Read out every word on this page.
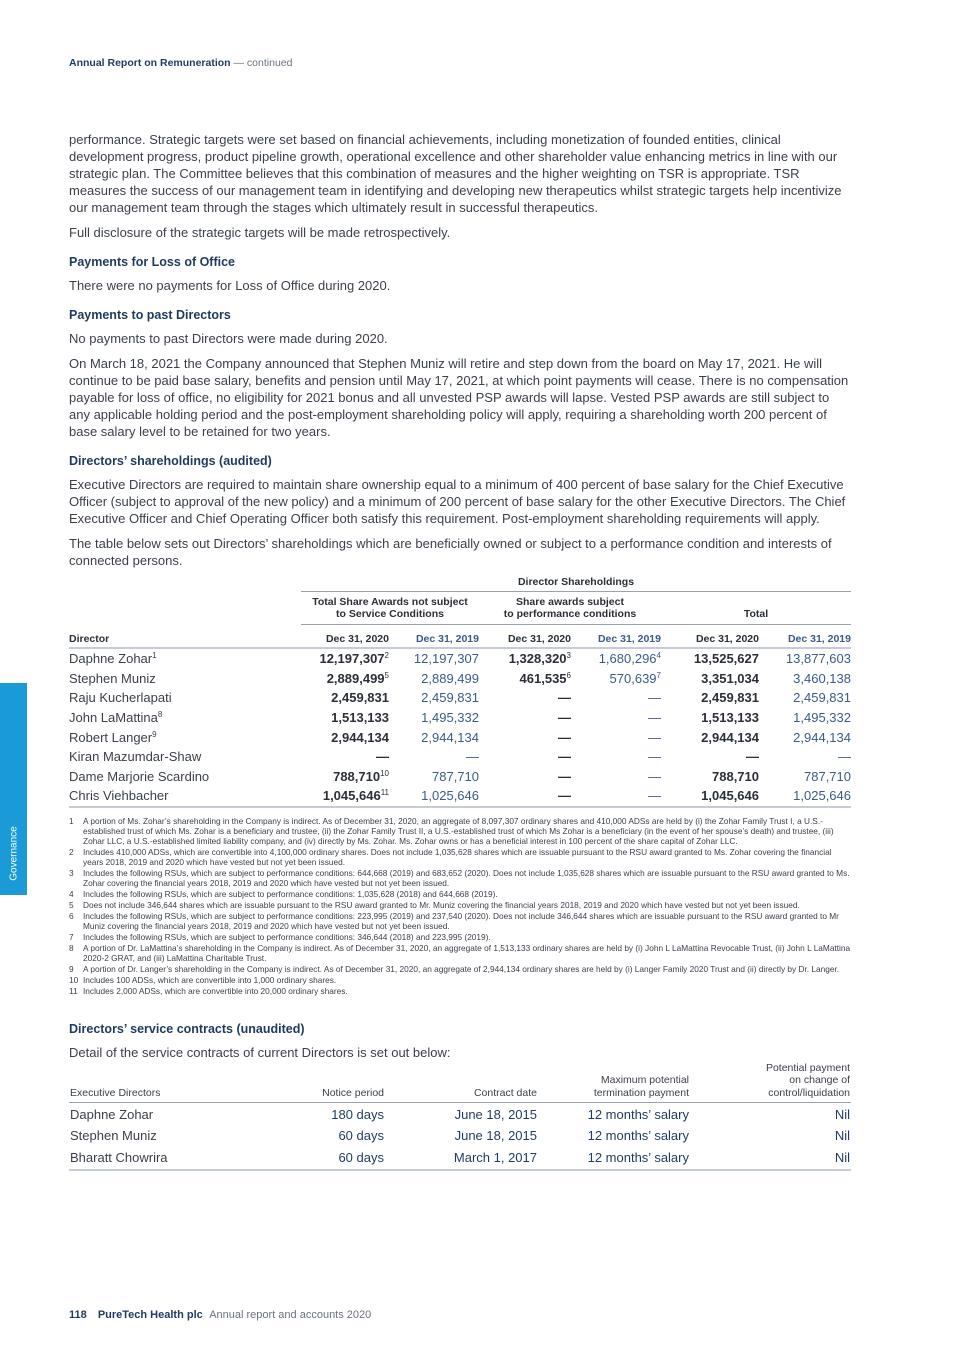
Annual Report on Remuneration — continued
Governance

performance. Strategic targets were set based on financial achievements, including monetization of founded entities, clinical development progress, product pipeline growth, operational excellence and other shareholder value enhancing metrics in line with our strategic plan. The Committee believes that this combination of measures and the higher weighting on TSR is appropriate. TSR measures the success of our management team in identifying and developing new therapeutics whilst strategic targets help incentivize our management team through the stages which ultimately result in successful therapeutics.

Full disclosure of the strategic targets will be made retrospectively.

Payments for Loss of Office

There were no payments for Loss of Office during 2020.

Payments to past Directors

No payments to past Directors were made during 2020.

On March 18, 2021 the Company announced that Stephen Muniz will retire and step down from the board on May 17, 2021. He will continue to be paid base salary, benefits and pension until May 17, 2021, at which point payments will cease. There is no compensation payable for loss of office, no eligibility for 2021 bonus and all unvested PSP awards will lapse. Vested PSP awards are still subject to any applicable holding period and the post-employment shareholding policy will apply, requiring a shareholding worth 200 percent of base salary level to be retained for two years.

Directors’ shareholdings (audited)

Executive Directors are required to maintain share ownership equal to a minimum of 400 percent of base salary for the Chief Executive Officer (subject to approval of the new policy) and a minimum of 200 percent of base salary for the other Executive Directors. The Chief Executive Officer and Chief Operating Officer both satisfy this requirement. Post-employment shareholding requirements will apply.

The table below sets out Directors’ shareholdings which are beneficially owned or subject to a performance condition and interests of connected persons.

	Director Shareholdings					

Total Share Awards not subject
to Service Conditions

Share awards subject
to performance conditions	Total

Director	Dec 31, 2020	Dec 31, 2019	Dec 31, 2020	Dec 31, 2019	Dec 31, 2020	Dec 31, 2019
Daphne Zohar$^1$	12,197,307$^2$	12,197,307	1,328,320$^3$	1,680,296$^4$	13,525,627	13,877,603
Stephen Muniz	2,889,499$^5$	2,889,499	461,535$^6$	570,639$^7$	3,351,034	3,460,138
Raju Kucherlapati	2,459,831	2,459,831	—	—	2,459,831	2,459,831
John LaMattina$^8$	1,513,133	1,495,332	—	—	1,513,133	1,495,332
Robert Langer$^9$	2,944,134	2,944,134	—	—	2,944,134	2,944,134
Kiran Mazumdar-Shaw	—	—	—	—	—	—
Dame Marjorie Scardino	788,710$^{10}$	787,710	—	—	788,710	787,710
Chris Viehbacher	1,045,646$^{11}$	1,025,646	—	—	1,045,646	1,025,646
1	A portion of Ms. Zohar’s shareholding in the Company is indirect. As of December 31, 2020, an aggregate of 8,097,307 ordinary shares and 410,000 ADSs are held by (i) the Zohar Family Trust I, a U.S.-established trust of which Ms. Zohar is a beneficiary and trustee, (ii) the Zohar Family Trust II, a U.S.-established trust of which Ms Zohar is a beneficiary (in the event of her spouse’s death) and trustee, (iii) Zohar LLC, a U.S.-established limited liability company, and (iv) directly by Ms. Zohar. Ms. Zohar owns or has a beneficial interest in 100 percent of the share capital of Zohar LLC.
2	Includes 410,000 ADSs, which are convertible into 4,100,000 ordinary shares. Does not include 1,035,628 shares which are issuable pursuant to the RSU award granted to Ms. Zohar covering the financial years 2018, 2019 and 2020 which have vested but not yet been issued.
3	Includes the following RSUs, which are subject to performance conditions: 644,668 (2019) and 683,652 (2020). Does not include 1,035,628 shares which are issuable pursuant to the RSU award granted to Ms. Zohar covering the financial years 2018, 2019 and 2020 which have vested but not yet been issued.
4	Includes the following RSUs, which are subject to performance conditions: 1,035,628 (2018) and 644,668 (2019).
5	Does not include 346,644 shares which are issuable pursuant to the RSU award granted to Mr. Muniz covering the financial years 2018, 2019 and 2020 which have vested but not yet been issued.
6	Includes the following RSUs, which are subject to performance conditions: 223,995 (2019) and 237,540 (2020). Does not include 346,644 shares which are issuable pursuant to the RSU award granted to Mr Muniz covering the financial years 2018, 2019 and 2020 which have vested but not yet been issued.
7	Includes the following RSUs, which are subject to performance conditions: 346,644 (2018) and 223,995 (2019).
8	A portion of Dr. LaMattina’s shareholding in the Company is indirect. As of December 31, 2020, an aggregate of 1,513,133 ordinary shares are held by (i) John L LaMattina Revocable Trust, (ii) John L LaMattina 2020-2 GRAT, and (iii) LaMattina Charitable Trust.
9	A portion of Dr. Langer’s shareholding in the Company is indirect. As of December 31, 2020, an aggregate of 2,944,134 ordinary shares are held by (i) Langer Family 2020 Trust and (ii) directly by Dr. Langer.
10 Includes 100 ADSs, which are convertible into 1,000 ordinary shares.
11 Includes 2,000 ADSs, which are convertible into 20,000 ordinary shares.
Directors’ service contracts (unaudited)

Detail of the service contracts of current Directors is set out below:

Executive Directors	Notice period	Contract date	
Maximum potential
termination payment

Potential payment
on change of
control/liquidation

Daphne Zohar	180 days	June 18, 2015	12 months’ salary	Nil
Stephen Muniz	60 days	June 18, 2015	12 months’ salary	Nil
Bharatt Chowrira	60 days	March 1, 2017	12 months’ salary	Nil
118 PureTech Health plc Annual report and accounts 2020
